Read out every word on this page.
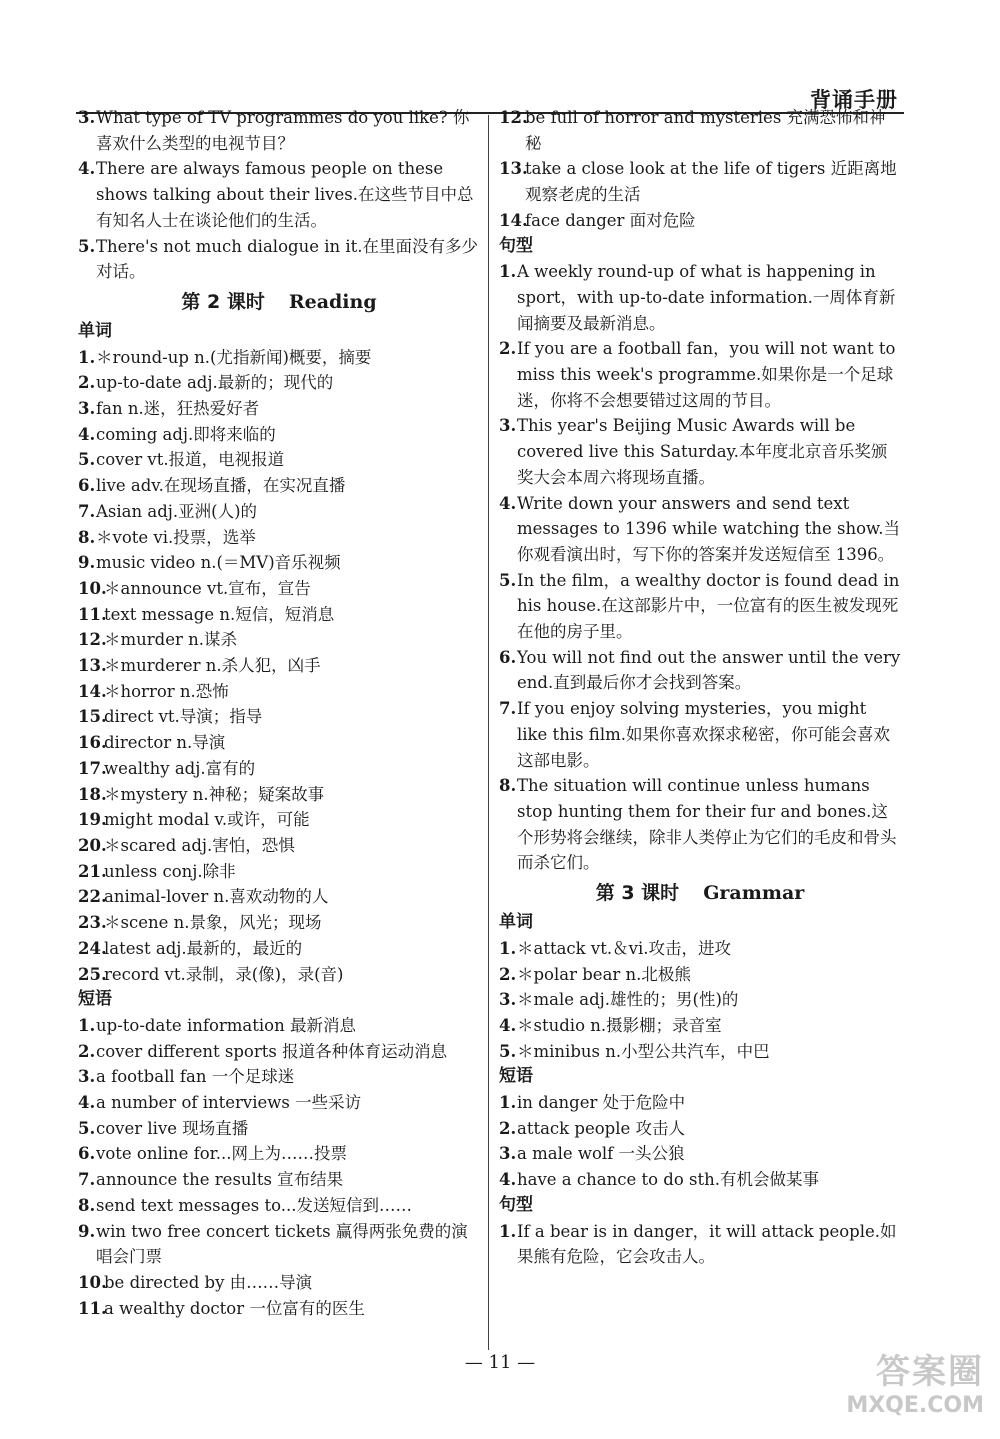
背诵手册
3. What type of TV programmes do you like? 你喜欢什么类型的电视节目？
4. There are always famous people on these shows talking about their lives.在这些节目中总有知名人士在谈论他们的生活。
5. There's not much dialogue in it.在里面没有多少对话。
第 2 课时 Reading
单词
1. ＊round-up n.(尤指新闻)概要，摘要
2. up-to-date adj.最新的；现代的
3. fan n.迷，狂热爱好者
4. coming adj.即将来临的
5. cover vt.报道，电视报道
6. live adv.在现场直播，在实况直播
7. Asian adj.亚洲(人)的
8. ＊vote vi.投票，选举
9. music video n.(＝MV)音乐视频
10.
＊announce vt.宣布，宣告
11.
text message n.短信，短消息
12.
＊murder n.谋杀
13.
＊murderer n.杀人犯，凶手
14.
＊horror n.恐怖
15.
direct vt.导演；指导
16.
director n.导演
17.
wealthy adj.富有的
18.
＊mystery n.神秘；疑案故事
19.
might modal v.或许，可能
20.
＊scared adj.害怕，恐惧
21.
unless conj.除非
22.
animal-lover n.喜欢动物的人
23.
＊scene n.景象，风光；现场
24.
latest adj.最新的，最近的
25.
record vt.录制，录(像)，录(音)
短语
1. up-to-date information 最新消息
2. cover different sports 报道各种体育运动消息
3. a football fan 一个足球迷
4. a number of interviews 一些采访
5. cover live 现场直播
6. vote online for...网上为……投票
7. announce the results 宣布结果
8. send text messages to...发送短信到……
9. win two free concert tickets 赢得两张免费的演唱会门票
10.
be directed by 由……导演
11.
a wealthy doctor 一位富有的医生
12.
be full of horror and mysteries 充满恐怖和神秘
13.
take a close look at the life of tigers 近距离地观察老虎的生活
14.
face danger 面对危险
句型
1. A weekly round-up of what is happening in sport，with up-to-date information.一周体育新闻摘要及最新消息。
2. If you are a football fan，you will not want to miss this week's programme.如果你是一个足球迷，你将不会想要错过这周的节目。
3. This year's Beijing Music Awards will be covered live this Saturday.本年度北京音乐奖颁奖大会本周六将现场直播。
4. Write down your answers and send text messages to 1396 while watching the show.当你观看演出时，写下你的答案并发送短信至 1396。
5. In the film，a wealthy doctor is found dead in his house.在这部影片中，一位富有的医生被发现死在他的房子里。
6. You will not find out the answer until the very end.直到最后你才会找到答案。
7. If you enjoy solving mysteries，you might like this film.如果你喜欢探求秘密，你可能会喜欢这部电影。
8. The situation will continue unless humans stop hunting them for their fur and bones.这个形势将会继续，除非人类停止为它们的毛皮和骨头而杀它们。
第 3 课时 Grammar
单词
1. ＊attack vt.＆vi.攻击，进攻
2. ＊polar bear n.北极熊
3. ＊male adj.雄性的；男(性)的
4. ＊studio n.摄影棚；录音室
5. ＊minibus n.小型公共汽车，中巴
短语
1. in danger 处于危险中
2. attack people 攻击人
3. a male wolf 一头公狼
4. have a chance to do sth.有机会做某事
句型
1. If a bear is in danger，it will attack people.如果熊有危险，它会攻击人。
— 11 —	答案圈
MXQE.COM
